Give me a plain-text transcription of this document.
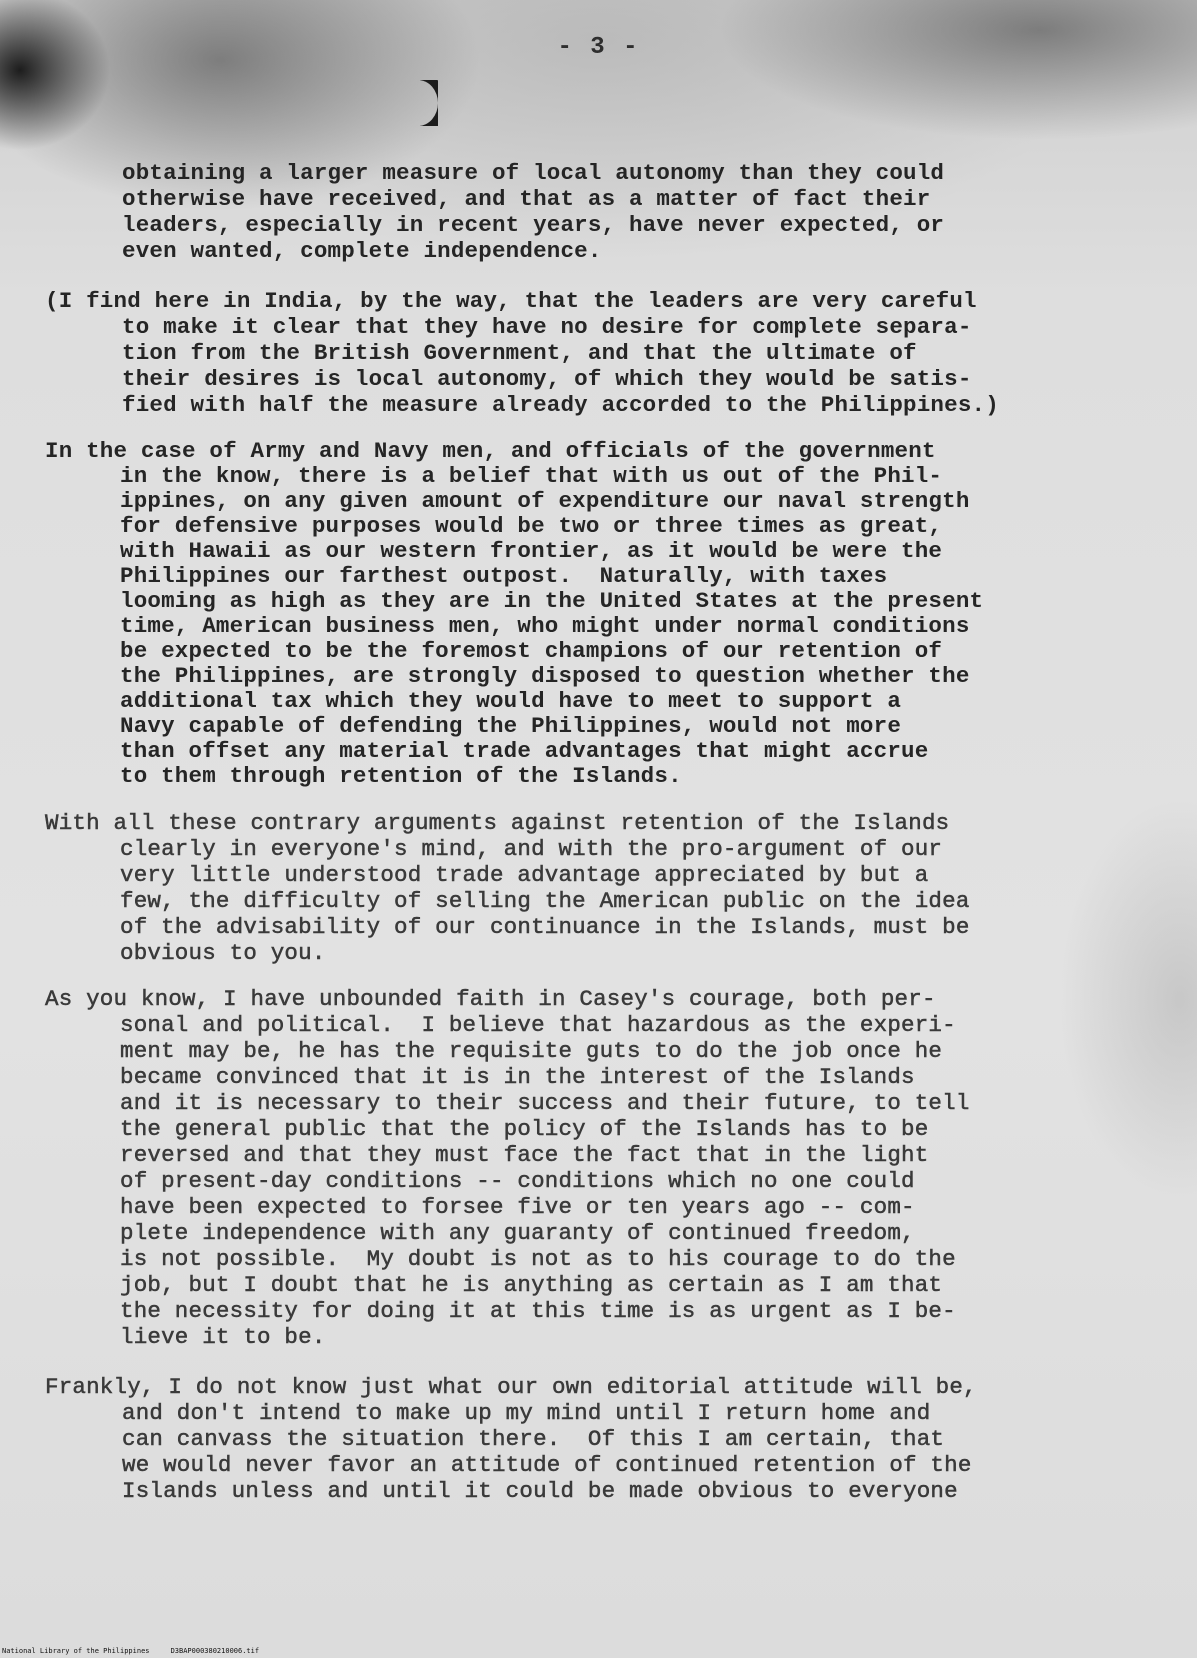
- 3 -

obtaining a larger measure of local autonomy than they could

otherwise have received, and that as a matter of fact their

leaders, especially in recent years, have never expected, or

even wanted, complete independence.

(I find here in India, by the way, that the leaders are very careful

to make it clear that they have no desire for complete separa-

tion from the British Government, and that the ultimate of

their desires is local autonomy, of which they would be satis-

fied with half the measure already accorded to the Philippines.)

In the case of Army and Navy men, and officials of the government

in the know, there is a belief that with us out of the Phil-

ippines, on any given amount of expenditure our naval strength

for defensive purposes would be two or three times as great,

with Hawaii as our western frontier, as it would be were the

Philippines our farthest outpost.  Naturally, with taxes

looming as high as they are in the United States at the present

time, American business men, who might under normal conditions

be expected to be the foremost champions of our retention of

the Philippines, are strongly disposed to question whether the

additional tax which they would have to meet to support a

Navy capable of defending the Philippines, would not more

than offset any material trade advantages that might accrue

to them through retention of the Islands.

With all these contrary arguments against retention of the Islands

clearly in everyone's mind, and with the pro-argument of our

very little understood trade advantage appreciated by but a

few, the difficulty of selling the American public on the idea

of the advisability of our continuance in the Islands, must be

obvious to you.

As you know, I have unbounded faith in Casey's courage, both per-

sonal and political.  I believe that hazardous as the experi-

ment may be, he has the requisite guts to do the job once he

became convinced that it is in the interest of the Islands

and it is necessary to their success and their future, to tell

the general public that the policy of the Islands has to be

reversed and that they must face the fact that in the light

of present-day conditions -- conditions which no one could

have been expected to forsee five or ten years ago -- com-

plete independence with any guaranty of continued freedom,

is not possible.  My doubt is not as to his courage to do the

job, but I doubt that he is anything as certain as I am that

the necessity for doing it at this time is as urgent as I be-

lieve it to be.

Frankly, I do not know just what our own editorial attitude will be,

and don't intend to make up my mind until I return home and

can canvass the situation there.  Of this I am certain, that

we would never favor an attitude of continued retention of the

Islands unless and until it could be made obvious to everyone

National Library of the Philippines     D3BAP000380210006.tif
